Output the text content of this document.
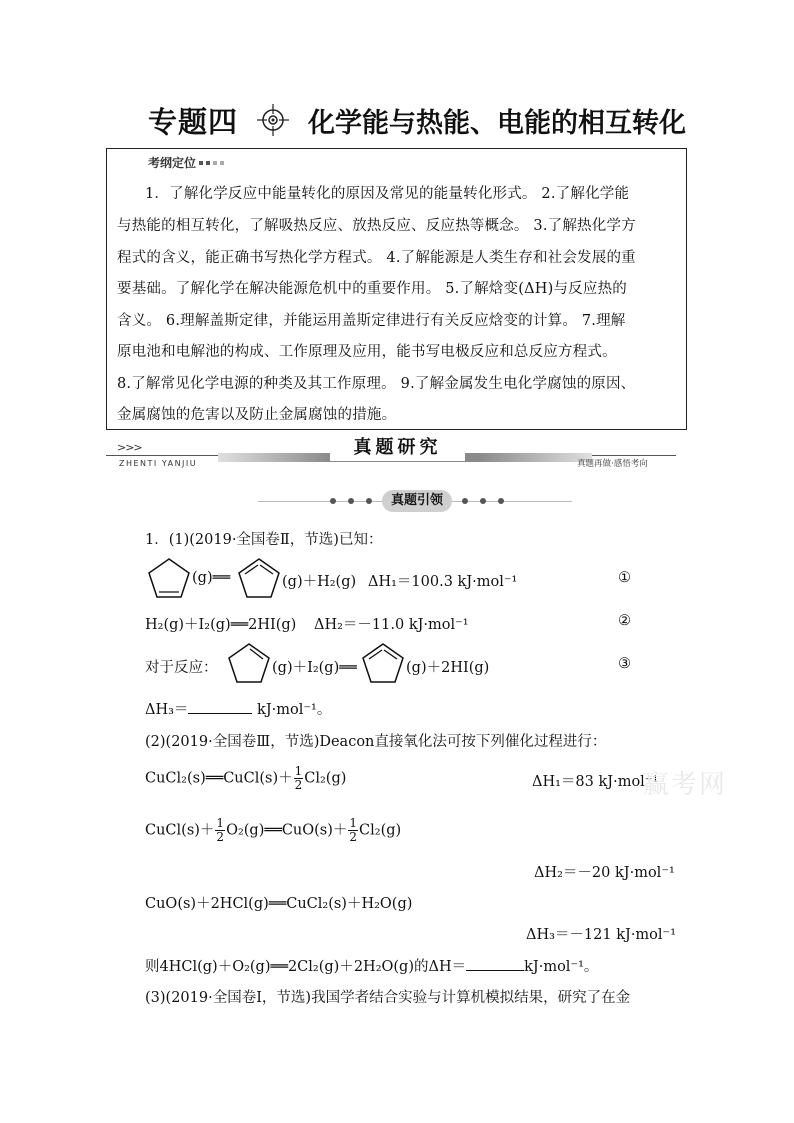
专题四	化学能与热能、电能的相互转化
考纲定位
1．了解化学反应中能量转化的原因及常见的能量转化形式。 2.了解化学能
与热能的相互转化，了解吸热反应、放热反应、反应热等概念。 3.了解热化学方
程式的含义，能正确书写热化学方程式。 4.了解能源是人类生存和社会发展的重
要基础。了解化学在解决能源危机中的重要作用。 5.了解焓变(ΔH)与反应热的
含义。 6.理解盖斯定律，并能运用盖斯定律进行有关反应焓变的计算。 7.理解
原电池和电解池的构成、工作原理及应用，能书写电极反应和总反应方程式。
8.了解常见化学电源的种类及其工作原理。 9.了解金属发生电化学腐蚀的原因、
金属腐蚀的危害以及防止金属腐蚀的措施。
>>>
ZHENTI YANJIU
真题研究
真题再做·感悟考向
真题引领
1．(1)(2019·全国卷Ⅱ，节选)已知：
(g)══	(g)＋H₂(g) ΔH₁＝100.3 kJ·mol⁻¹	①
H₂(g)＋I₂(g)══2HI(g) ΔH₂＝－11.0 kJ·mol⁻¹	②
对于反应：	(g)＋I₂(g)══	(g)＋2HI(g)	③
ΔH₃＝	kJ·mol⁻¹。
(2)(2019·全国卷Ⅲ，节选)Deacon直接氧化法可按下列催化过程进行：
CuCl₂(s)══CuCl(s)＋ $\frac{1}{2} Cl_2(g)$	ΔH₁＝83 kJ·mol⁻¹
CuCl(s)＋ $\frac{1}{2}$ O₂(g)══CuO(s)＋ $\frac{1}{2} Cl_2(g)$
ΔH₂＝－20 kJ·mol⁻¹
CuO(s)＋2HCl(g)══CuCl₂(s)＋H₂O(g)
ΔH₃＝－121 kJ·mol⁻¹
则4HCl(g)＋O₂(g)══2Cl₂(g)＋2H₂O(g)的ΔH＝	kJ·mol⁻¹。
(3)(2019·全国卷Ⅰ，节选)我国学者结合实验与计算机模拟结果，研究了在金
赢考网
